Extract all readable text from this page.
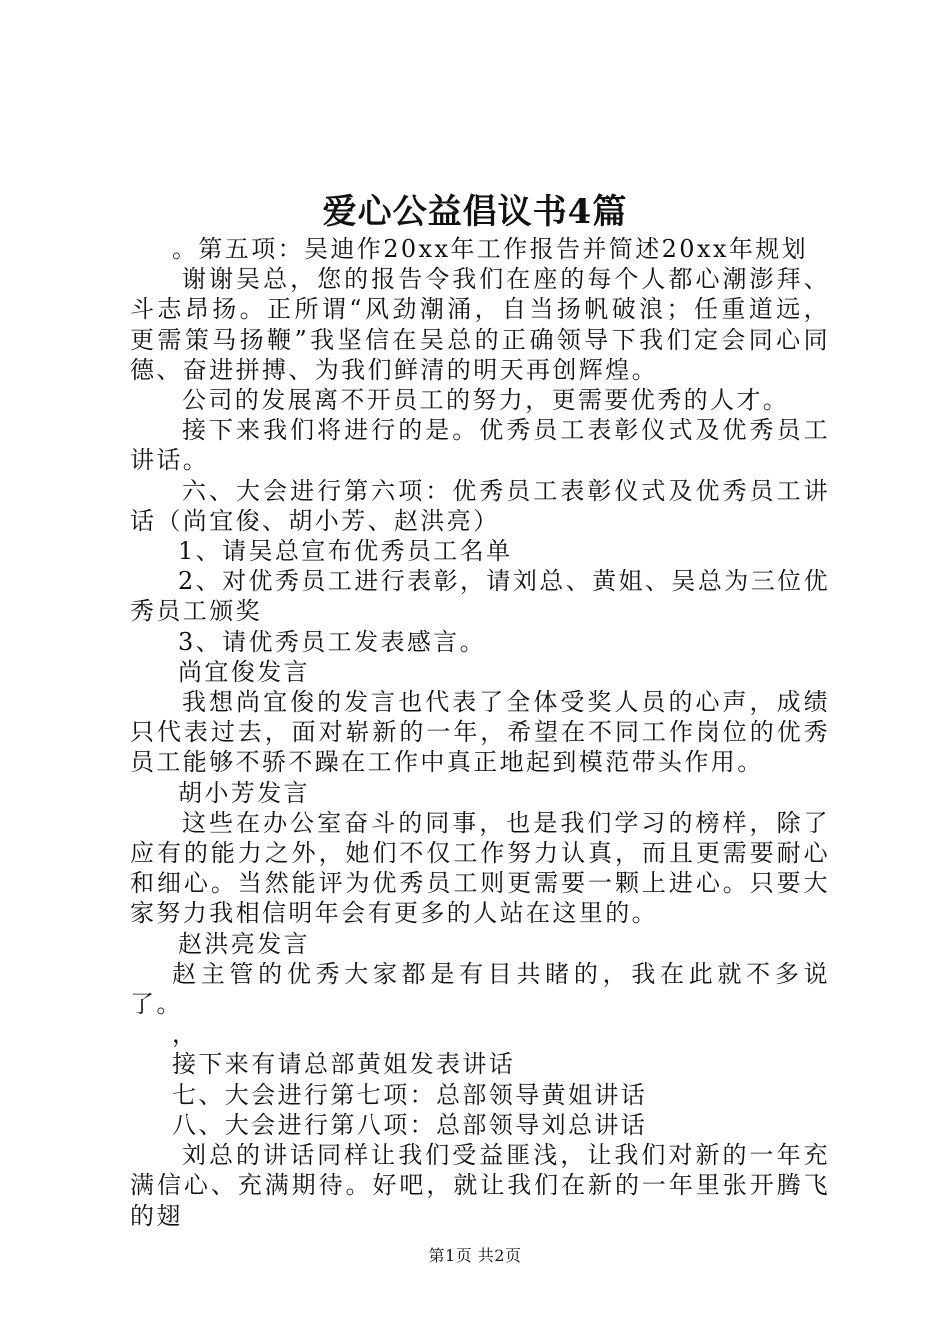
爱心公益倡议书4篇

。第五项：吴迪作20xx年工作报告并简述20xx年规划

谢谢吴总，您的报告令我们在座的每个人都心潮澎拜、斗志昂扬。正所谓“风劲潮涌，自当扬帆破浪；任重道远，更需策马扬鞭”我坚信在吴总的正确领导下我们定会同心同德、奋进拼搏、为我们鲜清的明天再创辉煌。

公司的发展离不开员工的努力，更需要优秀的人才。

接下来我们将进行的是。优秀员工表彰仪式及优秀员工讲话。

六、大会进行第六项：优秀员工表彰仪式及优秀员工讲话（尚宜俊、胡小芳、赵洪亮）

1、请吴总宣布优秀员工名单

2、对优秀员工进行表彰，请刘总、黄姐、吴总为三位优秀员工颁奖

3、请优秀员工发表感言。

尚宜俊发言

我想尚宜俊的发言也代表了全体受奖人员的心声，成绩只代表过去，面对崭新的一年，希望在不同工作岗位的优秀员工能够不骄不躁在工作中真正地起到模范带头作用。

胡小芳发言

这些在办公室奋斗的同事，也是我们学习的榜样，除了应有的能力之外，她们不仅工作努力认真，而且更需要耐心和细心。当然能评为优秀员工则更需要一颗上进心。只要大家努力我相信明年会有更多的人站在这里的。

赵洪亮发言

赵主管的优秀大家都是有目共睹的，我在此就不多说了。

，

接下来有请总部黄姐发表讲话

七、大会进行第七项：总部领导黄姐讲话

八、大会进行第八项：总部领导刘总讲话

刘总的讲话同样让我们受益匪浅，让我们对新的一年充满信心、充满期待。好吧，就让我们在新的一年里张开腾飞的翅

第1页 共2页
